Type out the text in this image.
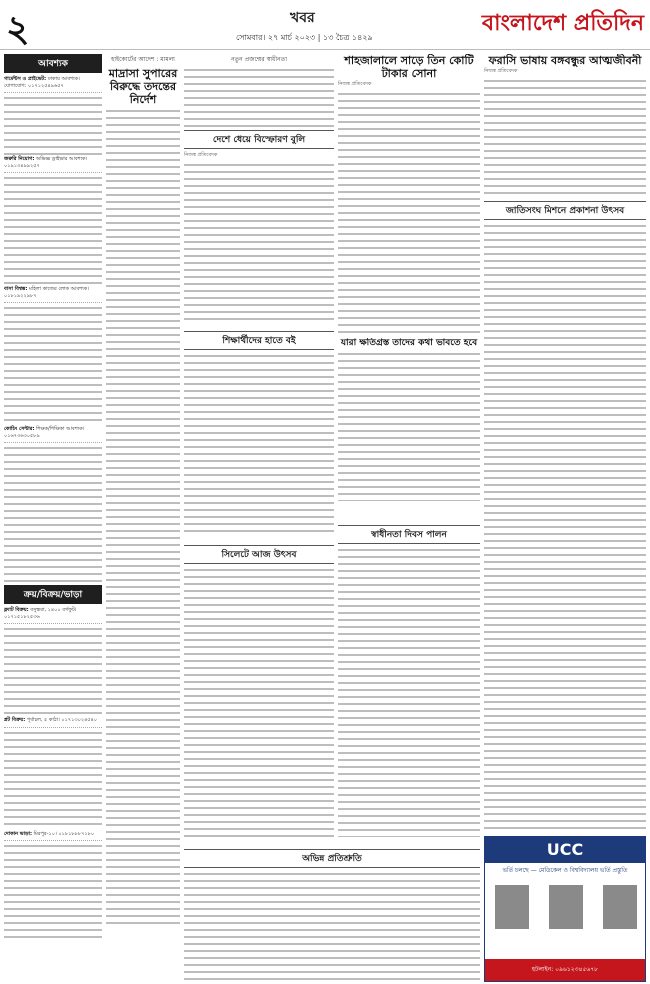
২	খবর
সোমবার। ২৭ মার্চ ২০২৩ | ১৩ চৈত্র ১৪২৯
বাংলাদেশ প্রতিদিন
আবশ্যক
গার্মেন্টস ও প্রাইভেট: ঢাকায় আবশ্যক। যোগাযোগ: ০১৭১২৫৪৯৬৫৭
জরুরি নিয়োগ: অভিজ্ঞ ড্রাইভার আবশ্যক। ০১৯১৩৪৯৯২৫৭
বাসা বিশ্বস্ত: মহিলা কাজের লোক আবশ্যক। ০১৮১৯২২৯৮৭
কোচিং সেন্টার: শিক্ষক/শিক্ষিকা আবশ্যক। ০১৬৭৩৬৩০৫৮৯
ক্রয়/বিক্রয়/ভাড়া
ফ্ল্যাট বিক্রয়: বসুন্ধরা, ১৪০০ বর্গফুট। ০১৭১৫১৮২৫৩৬
প্লট বিক্রয়: পূর্বাচল, ৫ কাঠা। ০১৭১৩০২৪৫৪০
দোকান ভাড়া: মিরপুর-১০। ০১৮১৮৮৮৭১৮০
হাইকোর্টের আদেশ : মামলা
মাদ্রাসা সুপারের বিরুদ্ধে তদন্তের নির্দেশ
নতুন প্রজন্মের স্বাধীনতা
দেশে ধেয়ে বিস্ফোরণ বুলি
নিজস্ব প্রতিবেদক
শিক্ষার্থীদের হাতে বই
সিলেটে আজ উৎসব
অভিন্ন প্রতিশ্রুতি
শাহজালালে সাড়ে তিন কোটি টাকার সোনা
নিজস্ব প্রতিবেদক
যারা ক্ষতিগ্রস্ত তাদের কথা ভাবতে হবে
স্বাধীনতা দিবস পালন
ফরাসি ভাষায় বঙ্গবন্ধুর আত্মজীবনী
নিজস্ব প্রতিবেদক
জাতিসংঘ মিশনে প্রকাশনা উৎসব
UCC
ভর্তি চলছে — মেডিকেল ও বিশ্ববিদ্যালয় ভর্তি প্রস্তুতি
হটলাইন: ০৯৬১২৩৪৫৬৭৮
